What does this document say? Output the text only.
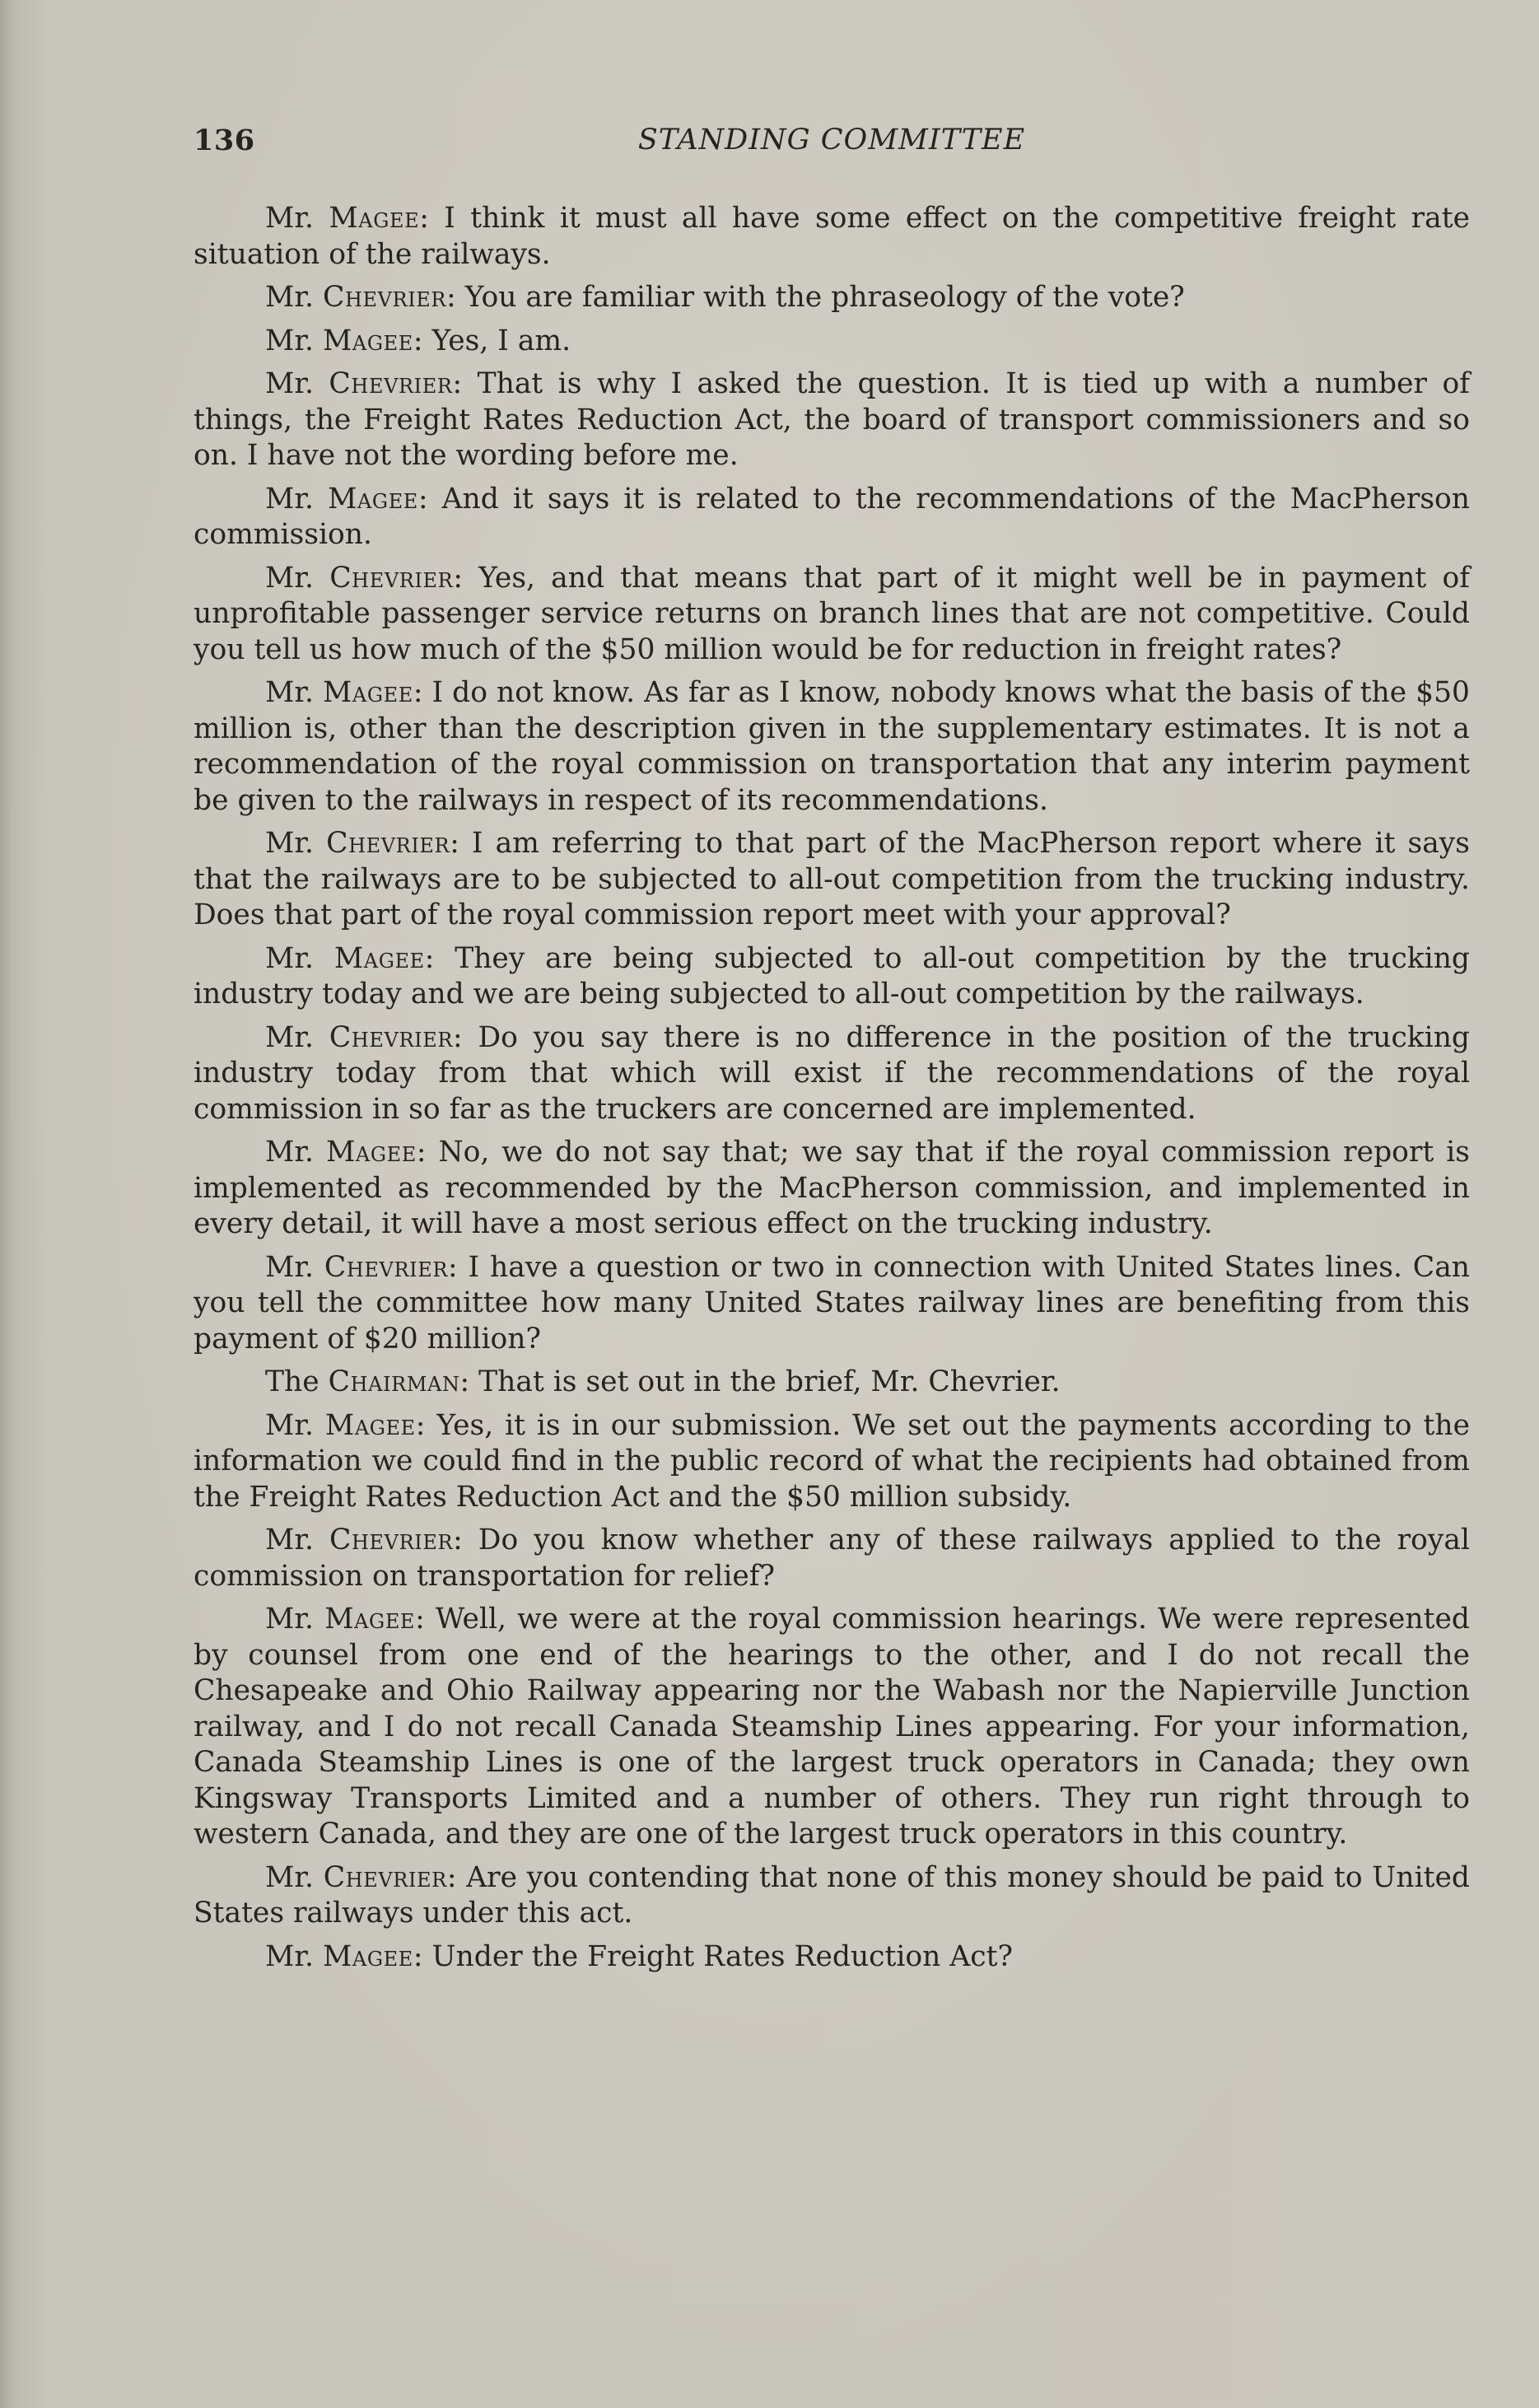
136	STANDING COMMITTEE

Mr. Magee: I think it must all have some effect on the competitive freight rate situation of the railways.

Mr. Chevrier: You are familiar with the phraseology of the vote?

Mr. Magee: Yes, I am.

Mr. Chevrier: That is why I asked the question. It is tied up with a number of things, the Freight Rates Reduction Act, the board of transport commissioners and so on. I have not the wording before me.

Mr. Magee: And it says it is related to the recommendations of the MacPherson commission.

Mr. Chevrier: Yes, and that means that part of it might well be in payment of unprofitable passenger service returns on branch lines that are not competitive. Could you tell us how much of the $50 million would be for reduction in freight rates?

Mr. Magee: I do not know. As far as I know, nobody knows what the basis of the $50 million is, other than the description given in the supplementary estimates. It is not a recommendation of the royal commission on transportation that any interim payment be given to the railways in respect of its recommendations.

Mr. Chevrier: I am referring to that part of the MacPherson report where it says that the railways are to be subjected to all-out competition from the trucking industry. Does that part of the royal commission report meet with your approval?

Mr. Magee: They are being subjected to all-out competition by the trucking industry today and we are being subjected to all-out competition by the railways.

Mr. Chevrier: Do you say there is no difference in the position of the trucking industry today from that which will exist if the recommendations of the royal commission in so far as the truckers are concerned are implemented.

Mr. Magee: No, we do not say that; we say that if the royal commission report is implemented as recommended by the MacPherson commission, and implemented in every detail, it will have a most serious effect on the trucking industry.

Mr. Chevrier: I have a question or two in connection with United States lines. Can you tell the committee how many United States railway lines are benefiting from this payment of $20 million?

The Chairman: That is set out in the brief, Mr. Chevrier.

Mr. Magee: Yes, it is in our submission. We set out the payments according to the information we could find in the public record of what the recipients had obtained from the Freight Rates Reduction Act and the $50 million subsidy.

Mr. Chevrier: Do you know whether any of these railways applied to the royal commission on transportation for relief?

Mr. Magee: Well, we were at the royal commission hearings. We were represented by counsel from one end of the hearings to the other, and I do not recall the Chesapeake and Ohio Railway appearing nor the Wabash nor the Napierville Junction railway, and I do not recall Canada Steamship Lines appearing. For your information, Canada Steamship Lines is one of the largest truck operators in Canada; they own Kingsway Transports Limited and a number of others. They run right through to western Canada, and they are one of the largest truck operators in this country.

Mr. Chevrier: Are you contending that none of this money should be paid to United States railways under this act.

Mr. Magee: Under the Freight Rates Reduction Act?
